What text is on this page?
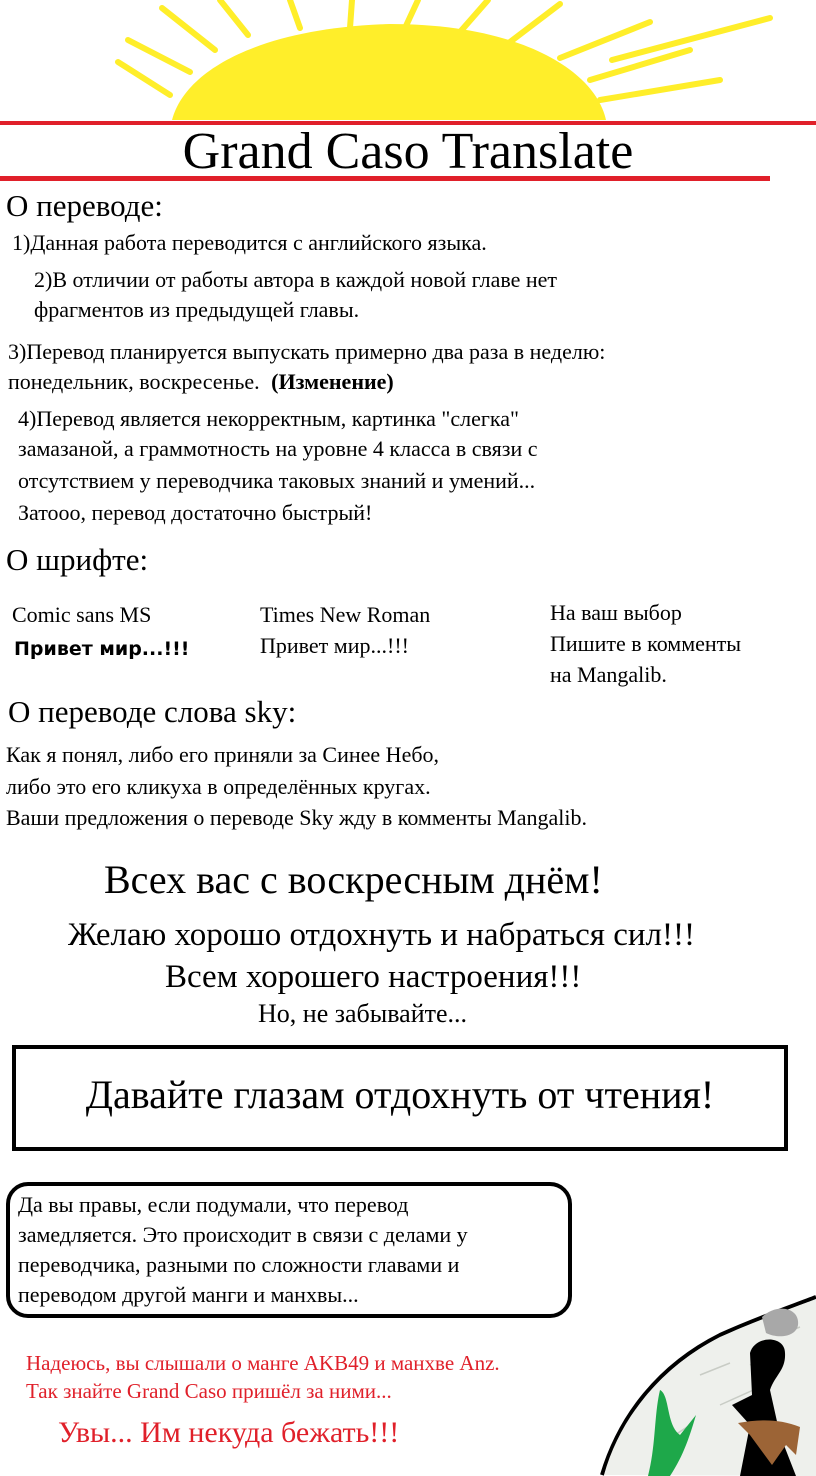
Grand Caso Translate
О переводе:
1)Данная работа переводится с английского языка.
2)В отличии от работы автора в каждой новой главе нет
фрагментов из предыдущей главы.
3)Перевод планируется выпускать примерно два раза в неделю:
понедельник, воскресенье. (Изменение)
4)Перевод является некорректным, картинка "слегка"
замазаной, а граммотность на уровне 4 класса в связи с
отсутствием у переводчика таковых знаний и умений...
Затооо, перевод достаточно быстрый!
О шрифте:
Comic sans MS
Привет мир...!!!
Times New Roman
Привет мир...!!!
На ваш выбор
Пишите в комменты
на Mangalib.
О переводе слова sky:
Как я понял, либо его приняли за Синее Небо,
либо это его кликуха в определённых кругах.
Ваши предложения о переводе Sky жду в комменты Mangalib.
Всех вас с воскресным днём!
Желаю хорошо отдохнуть и набраться сил!!!
Всем хорошего настроения!!!
Но, не забывайте...
Давайте глазам отдохнуть от чтения!
Да вы правы, если подумали, что перевод
замедляется. Это происходит в связи с делами у
переводчика, разными по сложности главами и
переводом другой манги и манхвы...
Надеюсь, вы слышали о манге AKB49 и манхве Anz.
Так знайте Grand Caso пришёл за ними...
Увы... Им некуда бежать!!!
